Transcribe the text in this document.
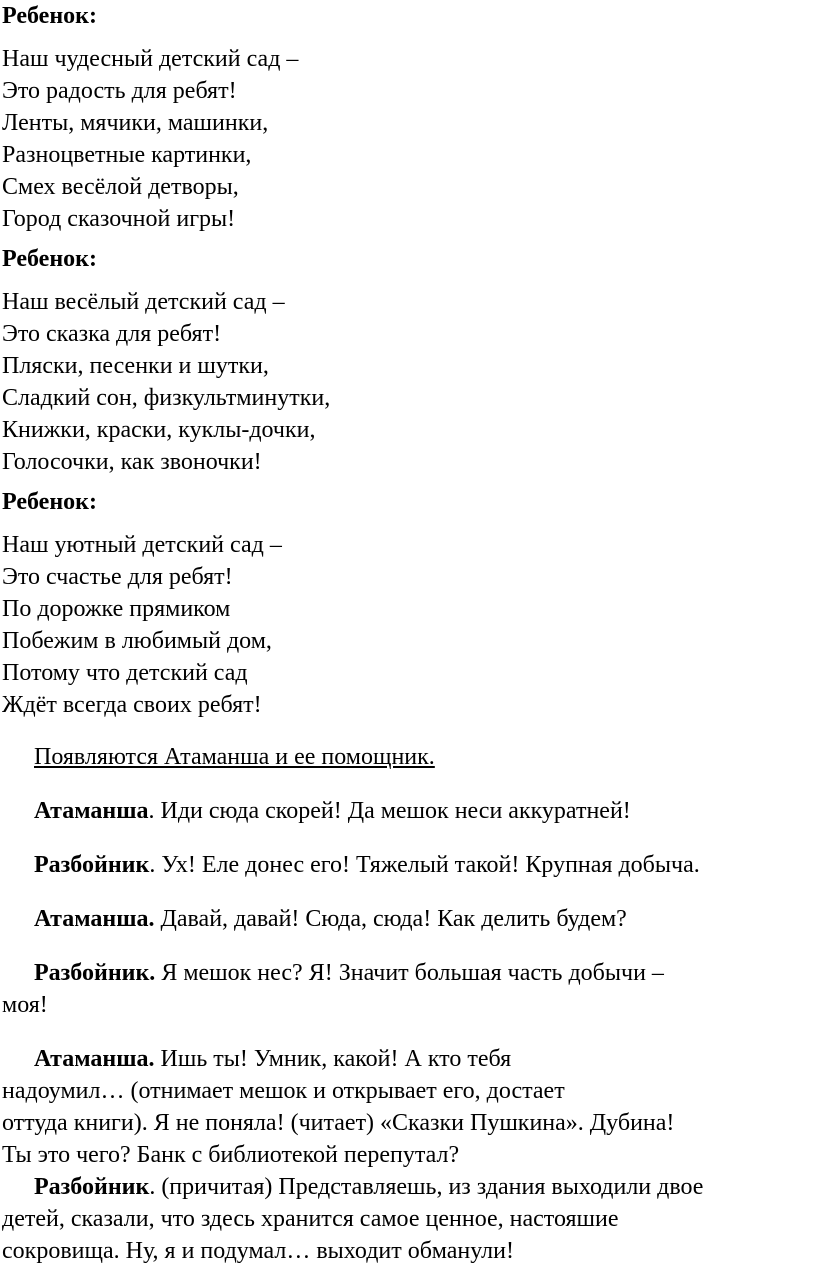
Ребенок:

Наш чудесный детский сад –
Это радость для ребят!
Ленты, мячики, машинки,
Разноцветные картинки,
Смех весёлой детворы,
Город сказочной игры!

Ребенок:

Наш весёлый детский сад –
Это сказка для ребят!
Пляски, песенки и шутки,
Сладкий сон, физкультминутки,
Книжки, краски, куклы-дочки,
Голосочки, как звоночки!

Ребенок:

Наш уютный детский сад –
Это счастье для ребят!
По дорожке прямиком
Побежим в любимый дом,
Потому что детский сад
Ждёт всегда своих ребят!

Появляются Атаманша и ее помощник.

Атаманша. Иди сюда скорей! Да мешок неси аккуратней!

Разбойник. Ух! Еле донес его! Тяжелый такой! Крупная добыча.

Атаманша. Давай, давай! Сюда, сюда! Как делить будем?

Разбойник. Я мешок нес? Я! Значит большая часть добычи –
моя!

Атаманша. Ишь ты! Умник, какой! А кто тебя
надоумил… (отнимает мешок и открывает его, достает
оттуда книги). Я не поняла! (читает) «Сказки Пушкина». Дубина!
Ты это чего? Банк с библиотекой перепутал?

Разбойник. (причитая) Представляешь, из здания выходили двое
детей, сказали, что здесь хранится самое ценное, настояшие
сокровища. Ну, я и подумал… выходит обманули!
